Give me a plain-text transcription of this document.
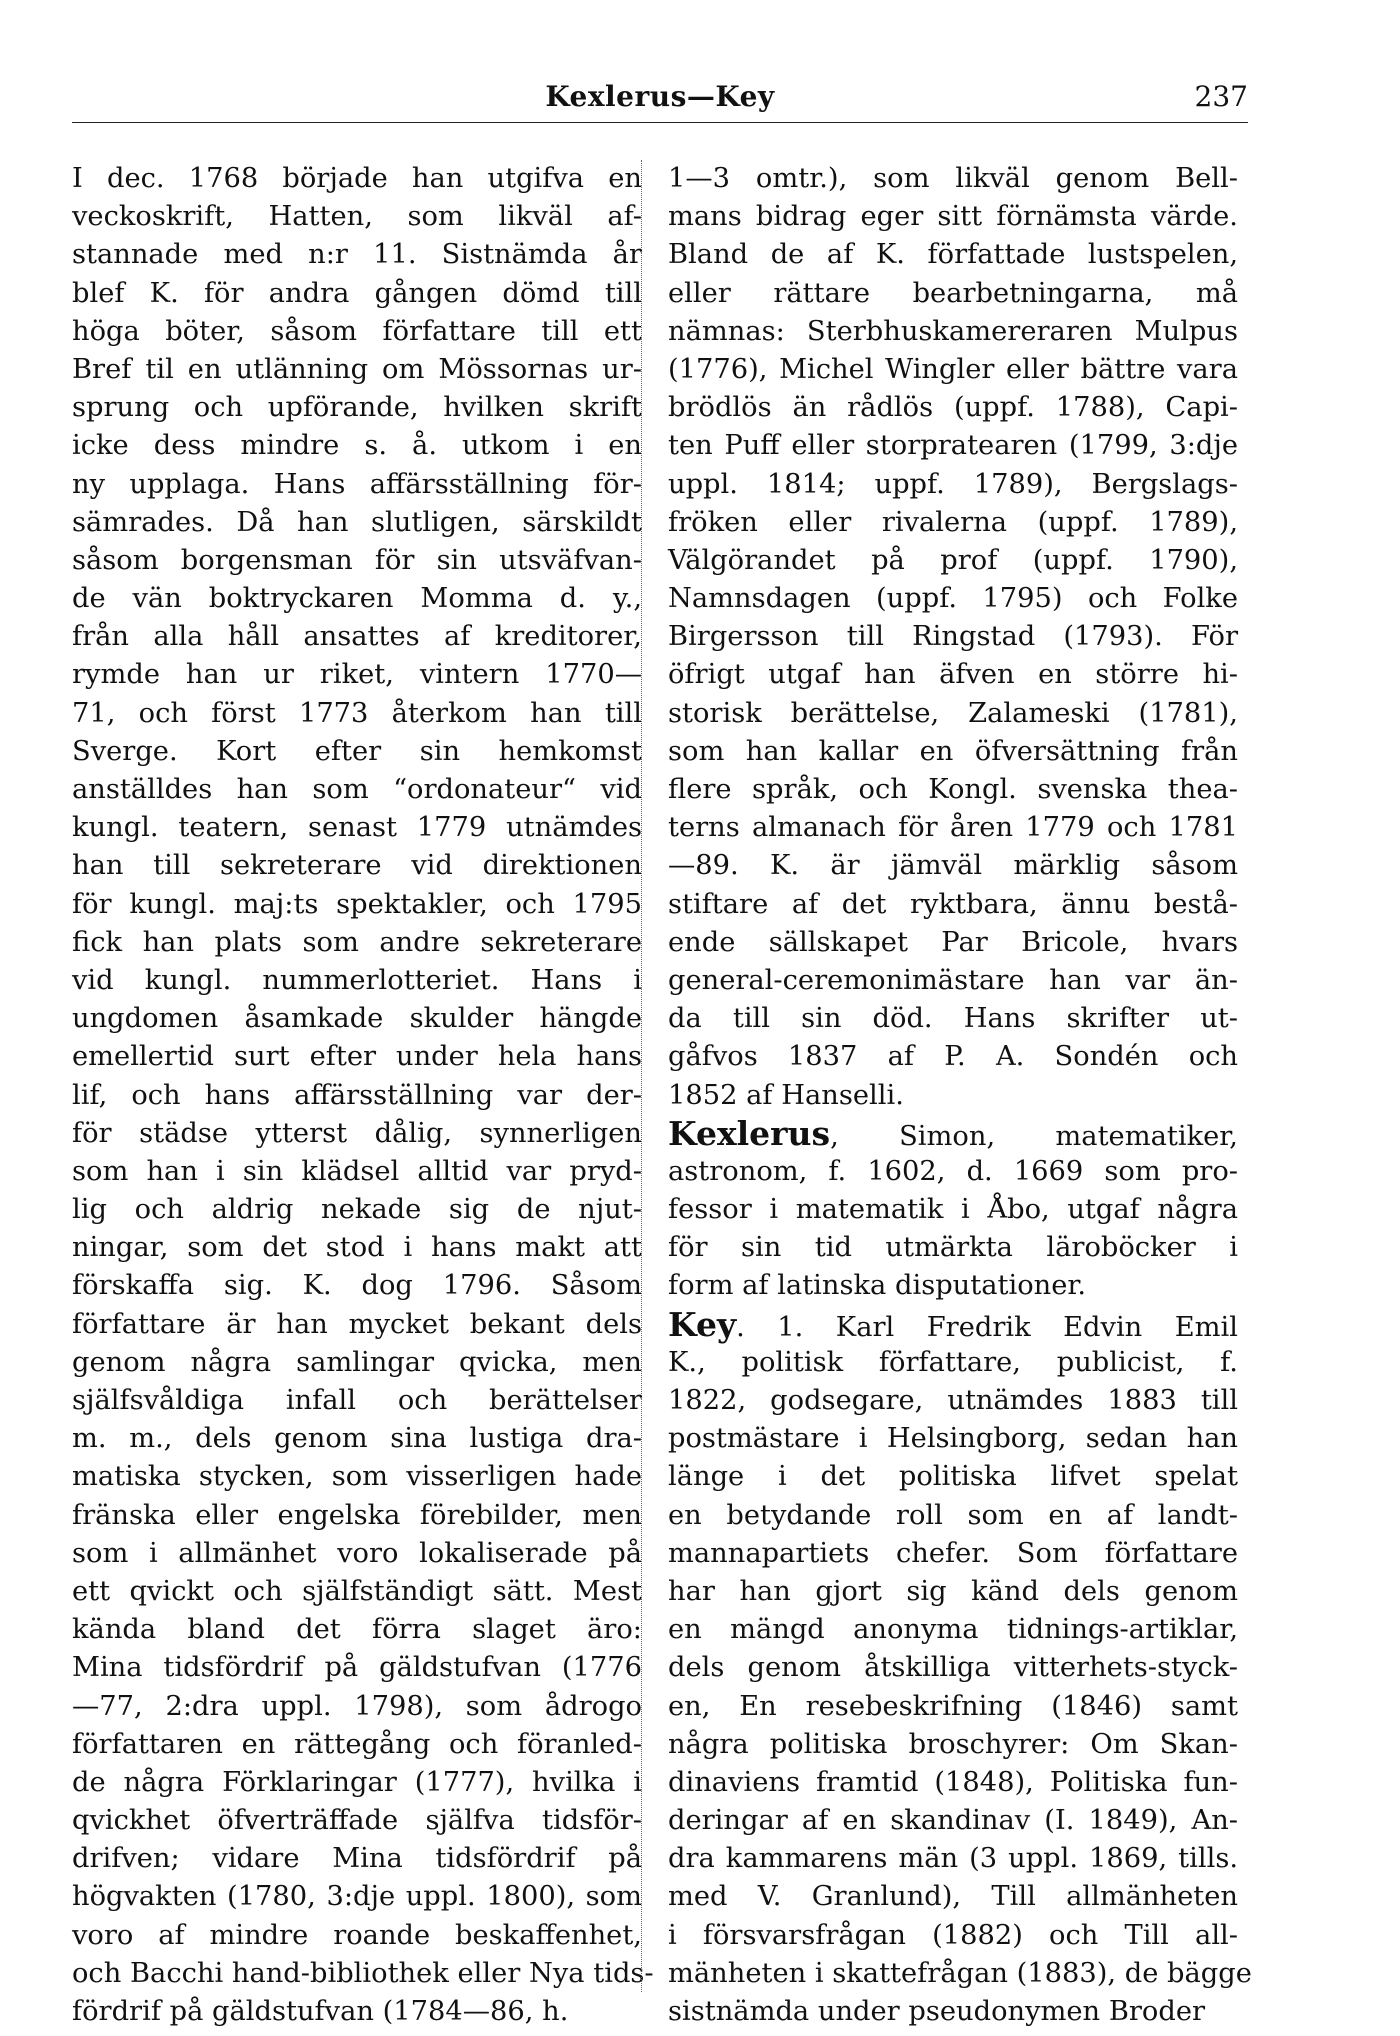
Kexlerus—Key	237
I dec. 1768 började han utgifva en
veckoskrift, Hatten, som likväl af-
stannade med n:r 11. Sistnämda år
blef K. för andra gången dömd till
höga böter, såsom författare till ett
Bref til en utlänning om Mössornas ur-
sprung och upförande, hvilken skrift
icke dess mindre s. å. utkom i en
ny upplaga. Hans affärsställning för-
sämrades. Då han slutligen, särskildt
såsom borgensman för sin utsväfvan-
de vän boktryckaren Momma d. y.,
från alla håll ansattes af kreditorer,
rymde han ur riket, vintern 1770—
71, och först 1773 återkom han till
Sverge. Kort efter sin hemkomst
anställdes han som “ordonateur“ vid
kungl. teatern, senast 1779 utnämdes
han till sekreterare vid direktionen
för kungl. maj:ts spektakler, och 1795
fick han plats som andre sekreterare
vid kungl. nummerlotteriet. Hans i
ungdomen åsamkade skulder hängde
emellertid surt efter under hela hans
lif, och hans affärsställning var der-
för städse ytterst dålig, synnerligen
som han i sin klädsel alltid var pryd-
lig och aldrig nekade sig de njut-
ningar, som det stod i hans makt att
förskaffa sig. K. dog 1796. Såsom
författare är han mycket bekant dels
genom några samlingar qvicka, men
själfsvåldiga infall och berättelser
m. m., dels genom sina lustiga dra-
matiska stycken, som visserligen hade
fränska eller engelska förebilder, men
som i allmänhet voro lokaliserade på
ett qvickt och själfständigt sätt. Mest
kända bland det förra slaget äro:
Mina tidsfördrif på gäldstufvan (1776
—77, 2:dra uppl. 1798), som ådrogo
författaren en rättegång och föranled-
de några Förklaringar (1777), hvilka i
qvickhet öfverträffade själfva tidsför-
drifven; vidare Mina tidsfördrif på
högvakten (1780, 3:dje uppl. 1800), som
voro af mindre roande beskaffenhet,
och Bacchi hand-bibliothek eller Nya tids-
fördrif på gäldstufvan (1784—86, h.
1—3 omtr.), som likväl genom Bell-
mans bidrag eger sitt förnämsta värde.
Bland de af K. författade lustspelen,
eller rättare bearbetningarna, må
nämnas: Sterbhuskamereraren Mulpus
(1776), Michel Wingler eller bättre vara
brödlös än rådlös (uppf. 1788), Capi-
ten Puff eller storpratearen (1799, 3:dje
uppl. 1814; uppf. 1789), Bergslags-
fröken eller rivalerna (uppf. 1789),
Välgörandet på prof (uppf. 1790),
Namnsdagen (uppf. 1795) och Folke
Birgersson till Ringstad (1793). För
öfrigt utgaf han äfven en större hi-
storisk berättelse, Zalameski (1781),
som han kallar en öfversättning från
flere språk, och Kongl. svenska thea-
terns almanach för åren 1779 och 1781
—89. K. är jämväl märklig såsom
stiftare af det ryktbara, ännu bestå-
ende sällskapet Par Bricole, hvars
general-ceremonimästare han var än-
da till sin död. Hans skrifter ut-
gåfvos 1837 af P. A. Sondén och
1852 af Hanselli.
Kexlerus, Simon, matematiker,
astronom, f. 1602, d. 1669 som pro-
fessor i matematik i Åbo, utgaf några
för sin tid utmärkta läroböcker i
form af latinska disputationer.
Key. 1. Karl Fredrik Edvin Emil
K., politisk författare, publicist, f.
1822, godsegare, utnämdes 1883 till
postmästare i Helsingborg, sedan han
länge i det politiska lifvet spelat
en betydande roll som en af landt-
mannapartiets chefer. Som författare
har han gjort sig känd dels genom
en mängd anonyma tidnings-artiklar,
dels genom åtskilliga vitterhets-styck-
en, En resebeskrifning (1846) samt
några politiska broschyrer: Om Skan-
dinaviens framtid (1848), Politiska fun-
deringar af en skandinav (I. 1849), An-
dra kammarens män (3 uppl. 1869, tills.
med V. Granlund), Till allmänheten
i försvarsfrågan (1882) och Till all-
mänheten i skattefrågan (1883), de bägge
sistnämda under pseudonymen Broder
